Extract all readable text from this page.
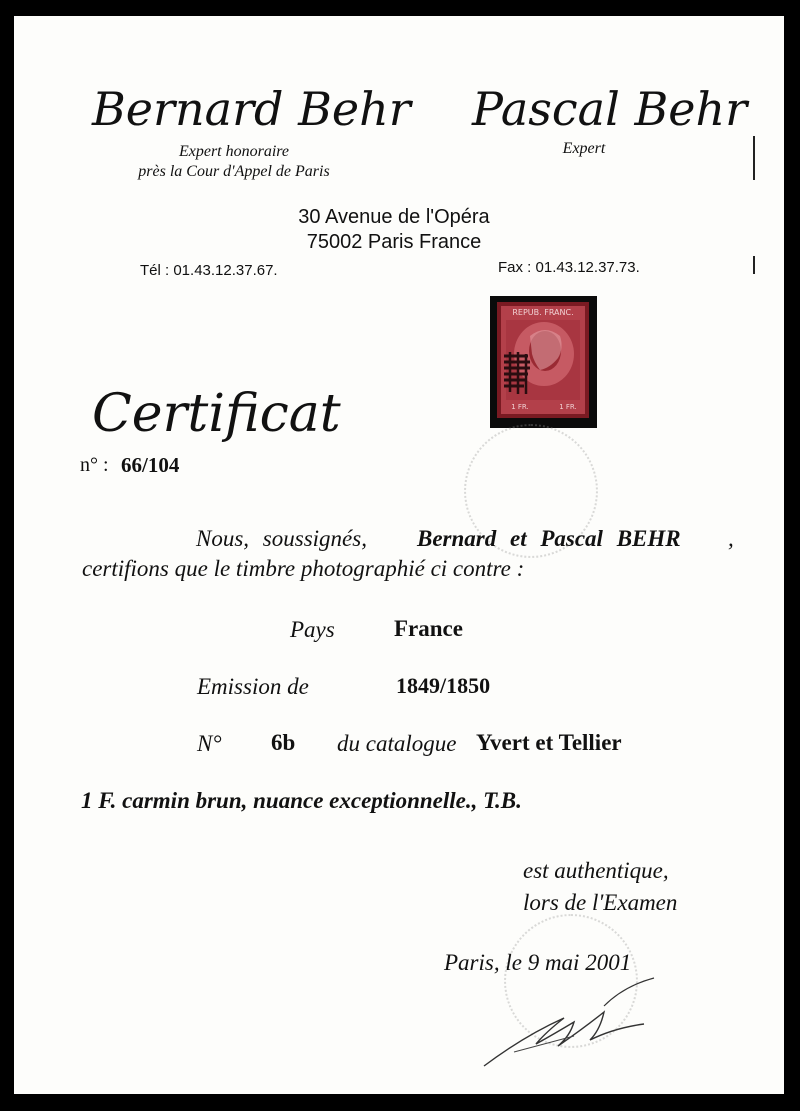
Bernard Behr Pascal Behr
Expert honoraire
près la Cour d'Appel de Paris
Expert
30 Avenue de l'Opéra
75002 Paris France
Tél : 01.43.12.37.67.	Fax : 01.43.12.37.73.
REPUB. FRANC.
1 FR.	1 FR.
Certificat
n° : 66/104
Nous, soussignés, Bernard et Pascal BEHR ,
certifions que le timbre photographié ci contre :
Pays	France
Emission de	1849/1850
N° 6b du catalogue Yvert et Tellier
1 F. carmin brun, nuance exceptionnelle., T.B.
est authentique,
lors de l'Examen
Paris, le 9 mai 2001
